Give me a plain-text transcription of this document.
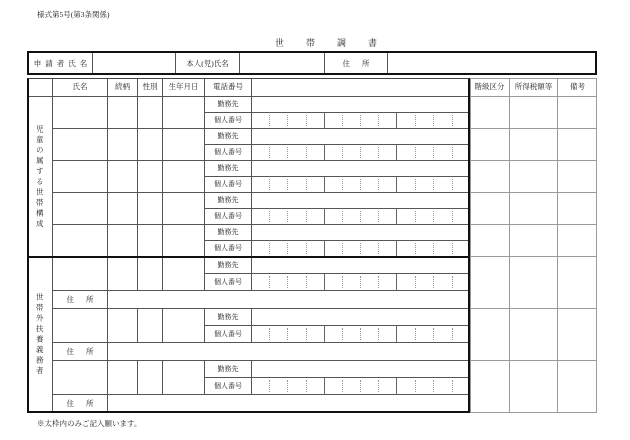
様式第5号(第3条関係)
世帯調書
申請者氏名	本人(児)氏名	住所
氏名	続柄	性別	生年月日	電話番号	階級区分	所得税額等	備考
勤務先
個人番号
勤務先
個人番号
勤務先
個人番号
勤務先
個人番号
勤務先
個人番号
児童の属する世帯構成
勤務先
個人番号
住所
勤務先
個人番号
住所
勤務先
個人番号
住所
世帯外扶養義務者
※太枠内のみご記入願います。
